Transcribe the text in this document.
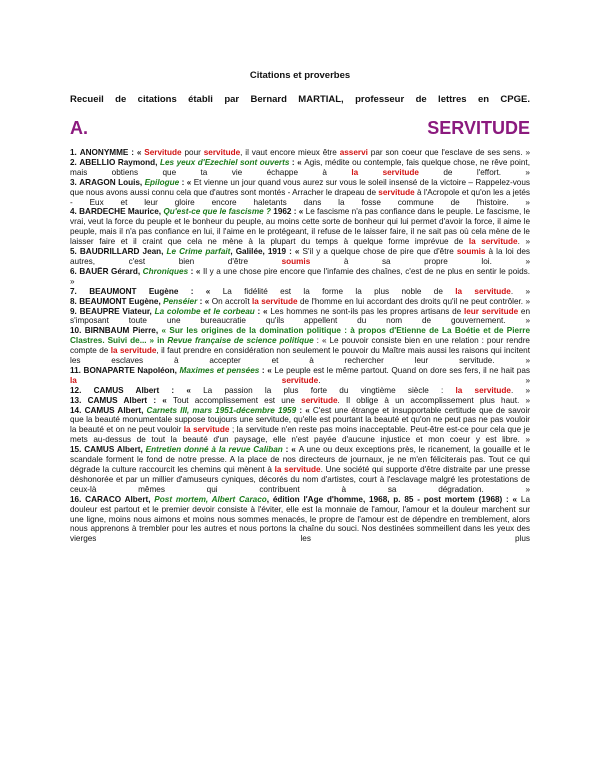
Citations et proverbes
Recueil de citations établi par Bernard MARTIAL, professeur de lettres en CPGE.
A.	SERVITUDE

1. ANONYMME : « Servitude pour servitude, il vaut encore mieux être asservi par son coeur que l'esclave de ses sens. »

2. ABELLIO Raymond, Les yeux d'Ezechiel sont ouverts : « Agis, médite ou contemple, fais quelque chose, ne rêve point, mais obtiens que ta vie échappe à la servitude de l'effort. »

3. ARAGON Louis, Epilogue : « Et vienne un jour quand vous aurez sur vous le soleil insensé de la victoire – Rappelez-vous que nous avons aussi connu cela que d'autres sont montés - Arracher le drapeau de servitude à l'Acropole et qu'on les a jetés - Eux et leur gloire encore haletants dans la fosse commune de l'histoire. »

4. BARDECHE Maurice, Qu'est-ce que le fascisme ? 1962 : « Le fascisme n'a pas confiance dans le peuple. Le fascisme, le vrai, veut la force du peuple et le bonheur du peuple, au moins cette sorte de bonheur qui lui permet d'avoir la force, il aime le peuple, mais il n'a pas confiance en lui, il l'aime en le protégeant, il refuse de le laisser faire, il ne sait pas où cela mène de le laisser faire et il craint que cela ne mène à la plupart du temps à quelque forme imprévue de la servitude. »

5. BAUDRILLARD Jean, Le Crime parfait, Galilée, 1919 : « S'il y a quelque chose de pire que d'être soumis à la loi des autres, c'est bien d'être soumis à sa propre loi. »

6. BAUËR Gérard, Chroniques : « Il y a une chose pire encore que l'infamie des chaînes, c'est de ne plus en sentir le poids. »

7. BEAUMONT Eugène : « La fidélité est la forme la plus noble de la servitude. »

8. BEAUMONT Eugène, Penséier : « On accroît la servitude de l'homme en lui accordant des droits qu'il ne peut contrôler. »

9. BEAUPRE Viateur, La colombe et le corbeau : « Les hommes ne sont-ils pas les propres artisans de leur servitude en s'imposant toute une bureaucratie qu'ils appellent du nom de gouvernement. »

10. BIRNBAUM Pierre, « Sur les origines de la domination politique : à propos d'Etienne de La Boétie et de Pierre Clastres. Suivi de... » in Revue française de science politique : « Le pouvoir consiste bien en une relation : pour rendre compte de la servitude, il faut prendre en considération non seulement le pouvoir du Maître mais aussi les raisons qui incitent les esclaves à accepter et à rechercher leur servitude. »

11. BONAPARTE Napoléon, Maximes et pensées : « Le peuple est le même partout. Quand on dore ses fers, il ne hait pas la servitude. »

12. CAMUS Albert : « La passion la plus forte du vingtième siècle : la servitude. »

13. CAMUS Albert : « Tout accomplissement est une servitude. Il oblige à un accomplissement plus haut. »

14. CAMUS Albert, Carnets III, mars 1951-décembre 1959 : « C'est une étrange et insupportable certitude que de savoir que la beauté monumentale suppose toujours une servitude, qu'elle est pourtant la beauté et qu'on ne peut pas ne pas vouloir la beauté et on ne peut vouloir la servitude ; la servitude n'en reste pas moins inacceptable. Peut-être est-ce pour cela que je mets au-dessus de tout la beauté d'un paysage, elle n'est payée d'aucune injustice et mon coeur y est libre. »

15. CAMUS Albert, Entretien donné à la revue Caliban : « A une ou deux exceptions près, le ricanement, la gouaille et le scandale forment le fond de notre presse. A la place de nos directeurs de journaux, je ne m'en féliciterais pas. Tout ce qui dégrade la culture raccourcit les chemins qui mènent à la servitude. Une société qui supporte d'être distraite par une presse déshonorée et par un millier d'amuseurs cyniques, décorés du nom d'artistes, court à l'esclavage malgré les protestations de ceux-là mêmes qui contribuent à sa dégradation. »

16. CARACO Albert, Post mortem, Albert Caraco, édition l'Age d'homme, 1968, p. 85 - post mortem (1968) : « La douleur est partout et le premier devoir consiste à l'éviter, elle est la monnaie de l'amour, l'amour et la douleur marchent sur une ligne, moins nous aimons et moins nous sommes menacés, le propre de l'amour est de dépendre en tremblement, alors nous apprenons à trembler pour les autres et nous portons la chaîne du souci. Nos destinées sommeillent dans les yeux des vierges les plus
